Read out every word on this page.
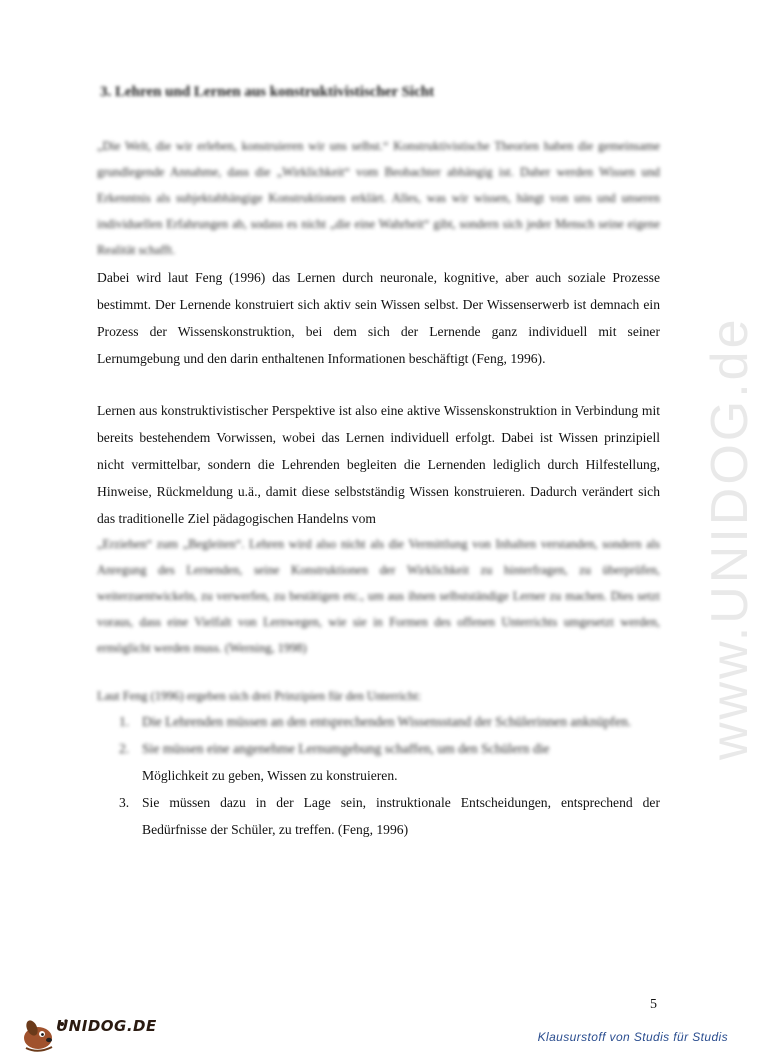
www.UNIDOG.de
3. Lehren und Lernen aus konstruktivistischer Sicht
„Die Welt, die wir erleben, konstruieren wir uns selbst.“ Konstruktivistische Theorien haben die gemeinsame grundlegende Annahme, dass die „Wirklichkeit“ vom Beobachter abhängig ist. Daher werden Wissen und Erkenntnis als subjektabhängige Konstruktionen erklärt. Alles, was wir wissen, hängt von uns und unseren individuellen Erfahrungen ab, sodass es nicht „die eine Wahrheit“ gibt, sondern sich jeder Mensch seine eigene Realität schafft.
Dabei wird laut Feng (1996) das Lernen durch neuronale, kognitive, aber auch soziale Prozesse bestimmt. Der Lernende konstruiert sich aktiv sein Wissen selbst. Der Wissenserwerb ist demnach ein Prozess der Wissenskonstruktion, bei dem sich der Lernende ganz individuell mit seiner Lernumgebung und den darin enthaltenen Informationen beschäftigt (Feng, 1996).
Lernen aus konstruktivistischer Perspektive ist also eine aktive Wissenskonstruktion in Verbindung mit bereits bestehendem Vorwissen, wobei das Lernen individuell erfolgt. Dabei ist Wissen prinzipiell nicht vermittelbar, sondern die Lehrenden begleiten die Lernenden lediglich durch Hilfestellung, Hinweise, Rückmeldung u.ä., damit diese selbstständig Wissen konstruieren. Dadurch verändert sich das traditionelle Ziel pädagogischen Handelns vom
„Erziehen“ zum „Begleiten“. Lehren wird also nicht als die Vermittlung von Inhalten verstanden, sondern als Anregung des Lernenden, seine Konstruktionen der Wirklichkeit zu hinterfragen, zu überprüfen, weiterzuentwickeln, zu verwerfen, zu bestätigen etc., um aus ihnen selbstständige Lerner zu machen. Dies setzt voraus, dass eine Vielfalt von Lernwegen, wie sie in Formen des offenen Unterrichts umgesetzt werden, ermöglicht werden muss. (Werning, 1998)
Laut Feng (1996) ergeben sich drei Prinzipien für den Unterricht:
1. Die Lehrenden müssen an den entsprechenden Wissensstand der Schülerinnen anknüpfen.
2. Sie müssen eine angenehme Lernumgebung schaffen, um den Schülern die
Möglichkeit zu geben, Wissen zu konstruieren.
3. Sie müssen dazu in der Lage sein, instruktionale Entscheidungen, entsprechend der Bedürfnisse der Schüler, zu treffen. (Feng, 1996)
5
UNIDOG.DE
Klausurstoff von Studis für Studis
